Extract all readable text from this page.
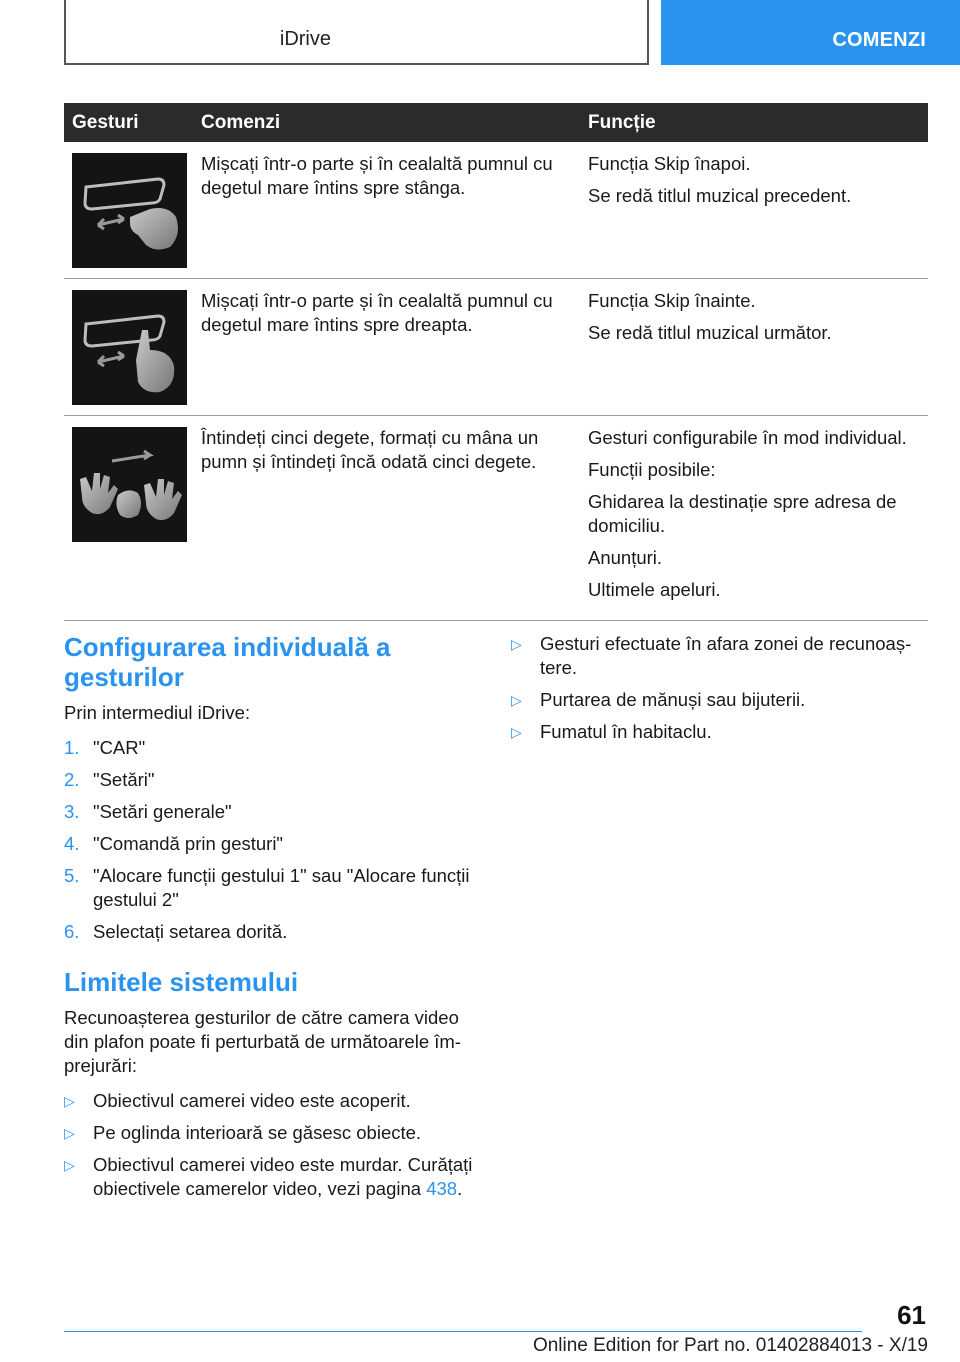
iDrive	COMENZI
Gesturi	Comenzi	Funcție

	Mișcați într-o parte și în cealaltă pumnul cu degetul mare întins spre stânga.	Funcția Skip înapoi.

Se redă titlul muzical precedent.

	Mișcați într-o parte și în cealaltă pumnul cu degetul mare întins spre dreapta.	Funcția Skip înainte.

Se redă titlul muzical următor.

	Întindeți cinci degete, formați cu mâna un pumn și întindeți încă odată cinci degete.	Gesturi configurabile în mod individual.

Funcții posibile:

Ghidarea la destinație spre adresa de domiciliu.

Anunțuri.

Ultimele apeluri.

Configurarea individuală a gesturilor

Prin intermediul iDrive:

1. "CAR"
2. "Setări"
3. "Setări generale"
4. "Comandă prin gesturi"
5. "Alocare funcții gestului 1" sau "Alocare funcții gestului 2"
6. Selectați setarea dorită.
Limitele sistemului

Recunoașterea gesturilor de către camera video din plafon poate fi perturbată de următoarele împrejurări:

▷ Obiectivul camerei video este acoperit.
▷ Pe oglinda interioară se găsesc obiecte.
▷ Obiectivul camerei video este murdar. Curățați obiectivele camerelor video, vezi pagina 438.
▷ Gesturi efectuate în afara zonei de recunoaștere.
▷ Purtarea de mănuși sau bijuterii.
▷ Fumatul în habitaclu.
61
Online Edition for Part no. 01402884013 - X/19
